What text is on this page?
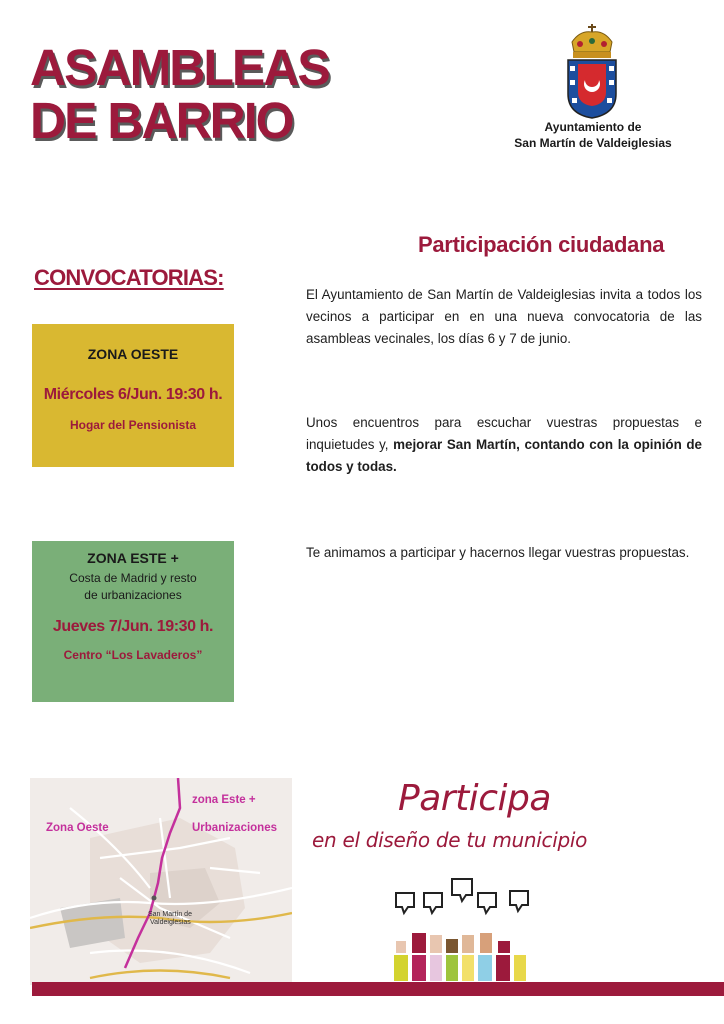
ASAMBLEAS
DE BARRIO	Ayuntamiento de
San Martín de Valdeiglesias
Participación ciudadana
CONVOCATORIAS:
ZONA OESTE
Miércoles 6/Jun. 19:30 h.
Hogar del Pensionista
ZONA ESTE +
Costa de Madrid y resto
de urbanizaciones
Jueves 7/Jun. 19:30 h.
Centro “Los Lavaderos”

El Ayuntamiento de San Martín de Valdeiglesias invita a todos los vecinos a participar en en una nueva convocatoria de las asambleas vecinales, los días 6 y 7 de junio.

Unos encuentros para escuchar vuestras propuestas e inquietudes y, mejorar San Martín, contando con la opinión de todos y todas.

Te animamos a participar y hacernos llegar vuestras propuestas.

San Martín de
Valdeiglesias
Zona Oeste
zona Este +
Urbanizaciones
Participa
en el diseño de tu municipio
